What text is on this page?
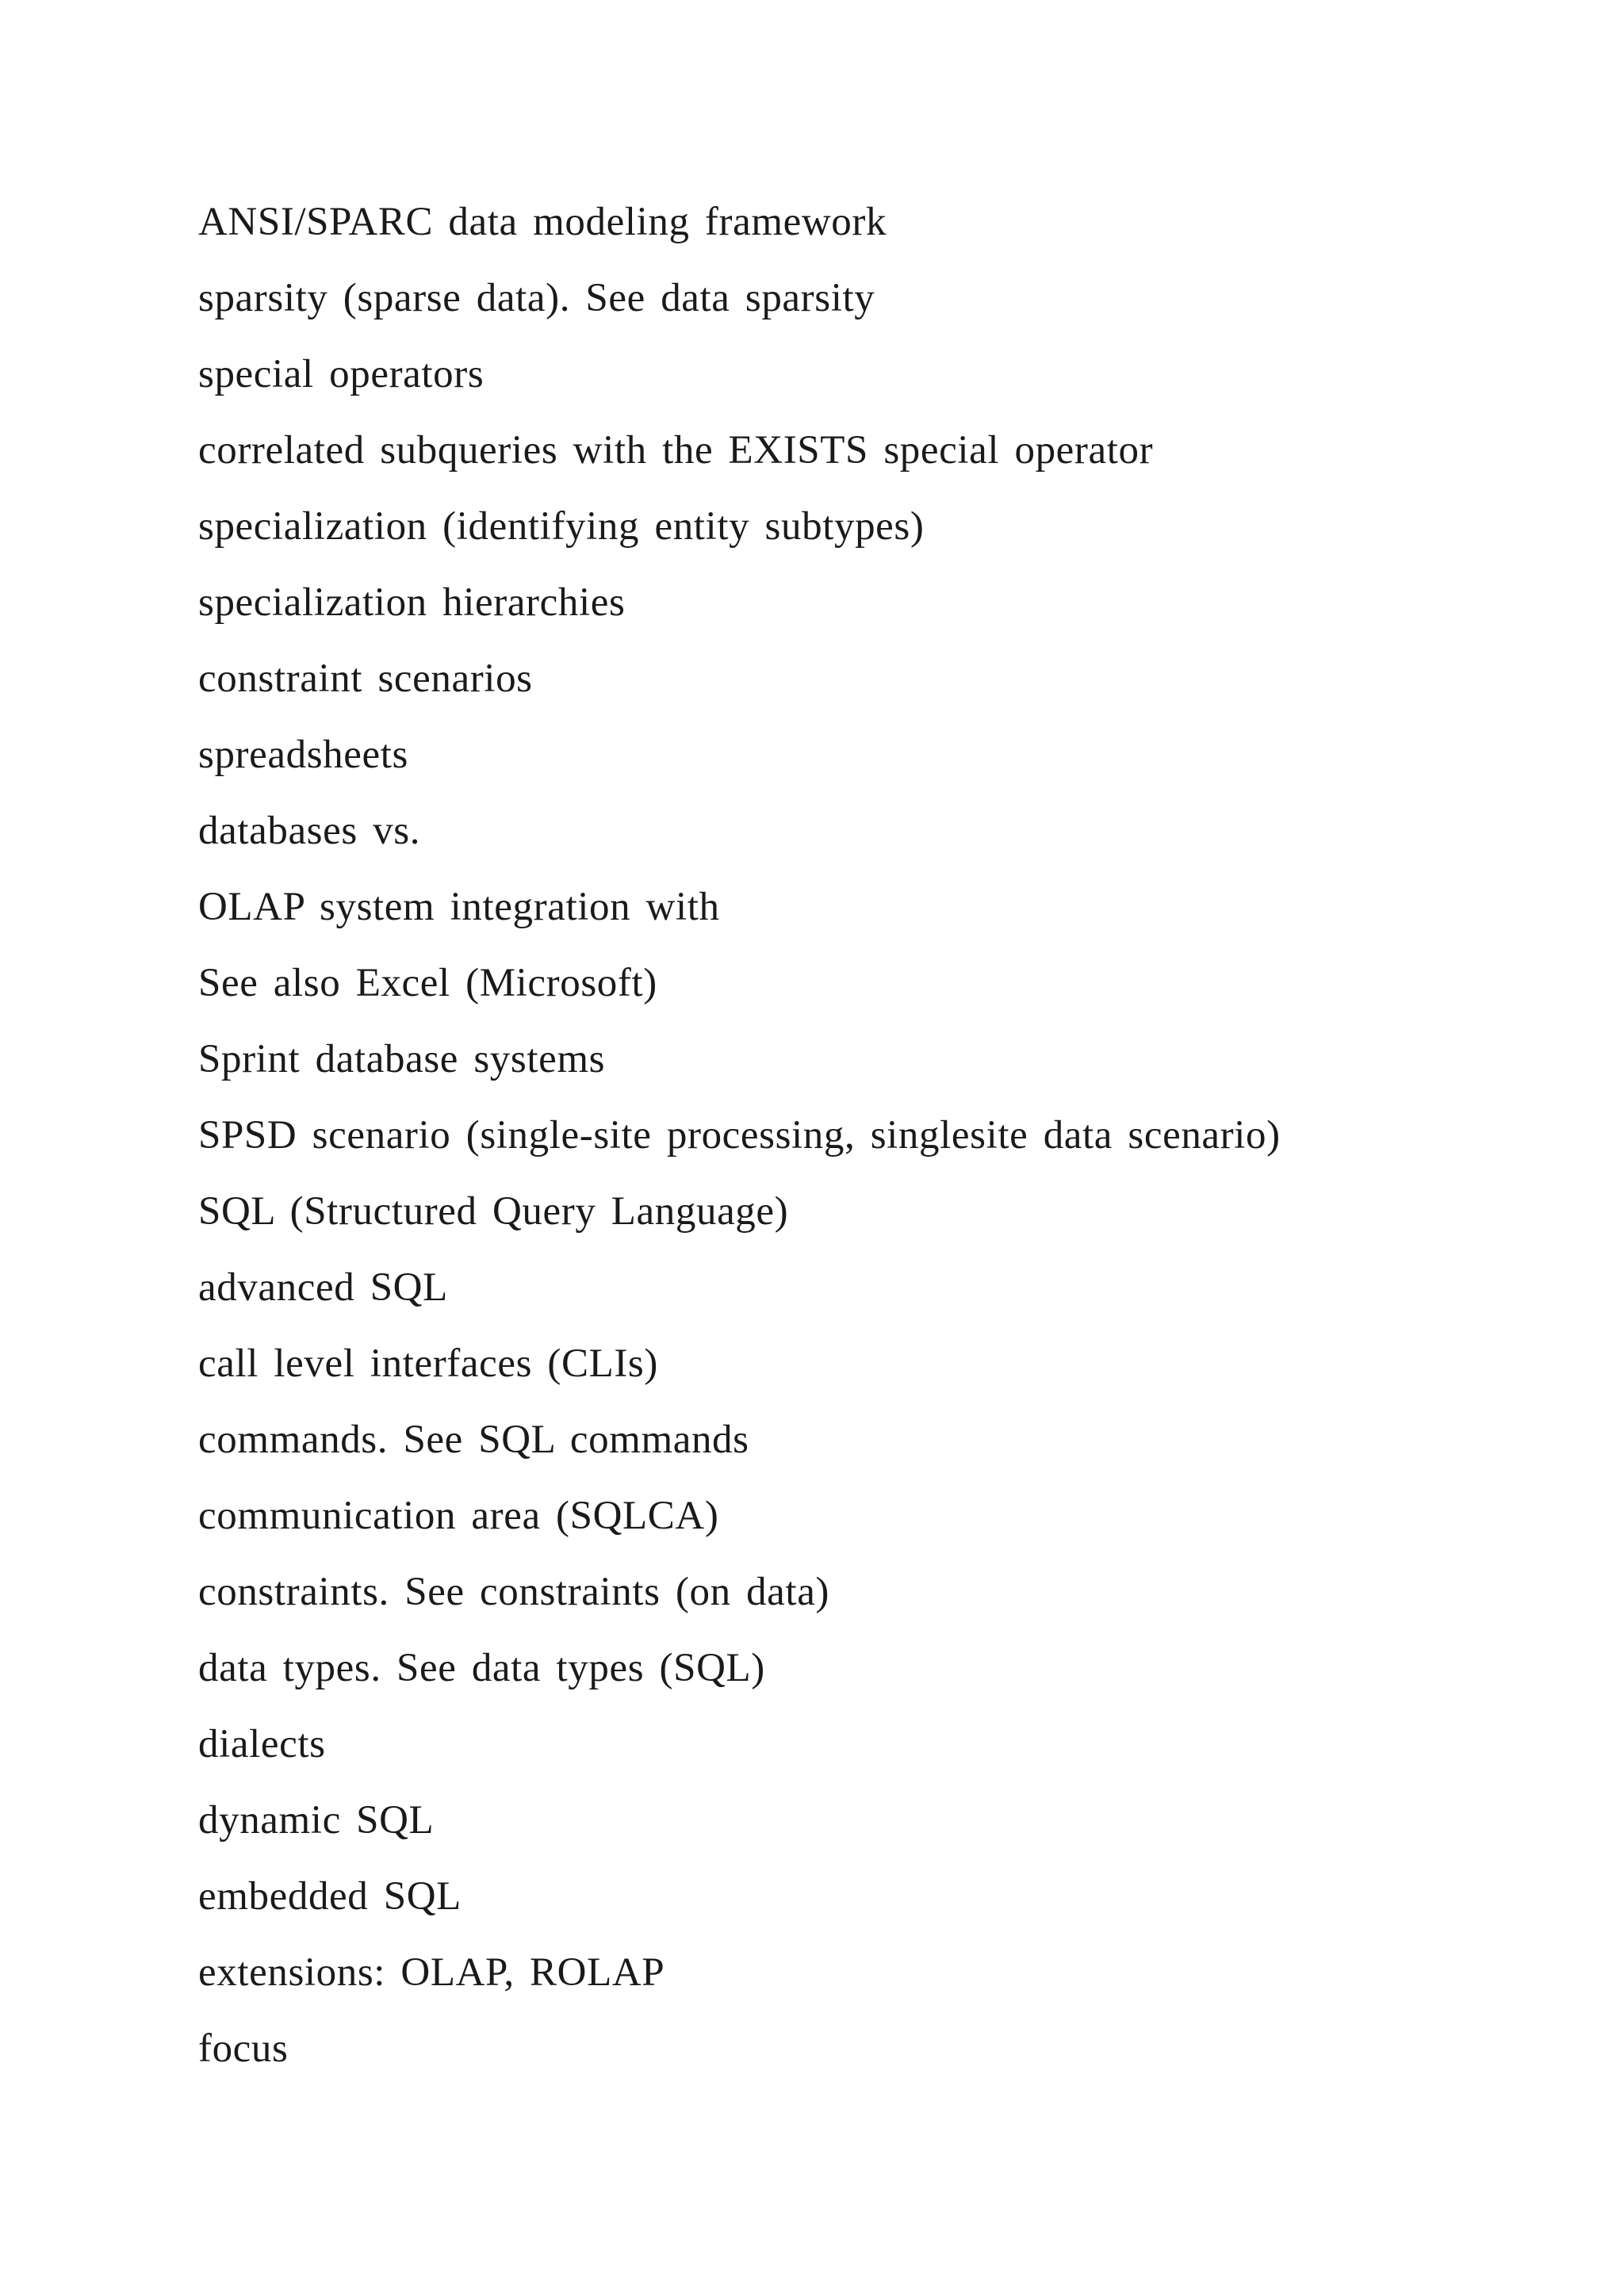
ANSI/SPARC data modeling framework
sparsity (sparse data). See data sparsity
special operators
correlated subqueries with the EXISTS special operator
specialization (identifying entity subtypes)
specialization hierarchies
constraint scenarios
spreadsheets
databases vs.
OLAP system integration with
See also Excel (Microsoft)
Sprint database systems
SPSD scenario (single-site processing, singlesite data scenario)
SQL (Structured Query Language)
advanced SQL
call level interfaces (CLIs)
commands. See SQL commands
communication area (SQLCA)
constraints. See constraints (on data)
data types. See data types (SQL)
dialects
dynamic SQL
embedded SQL
extensions: OLAP, ROLAP
focus
